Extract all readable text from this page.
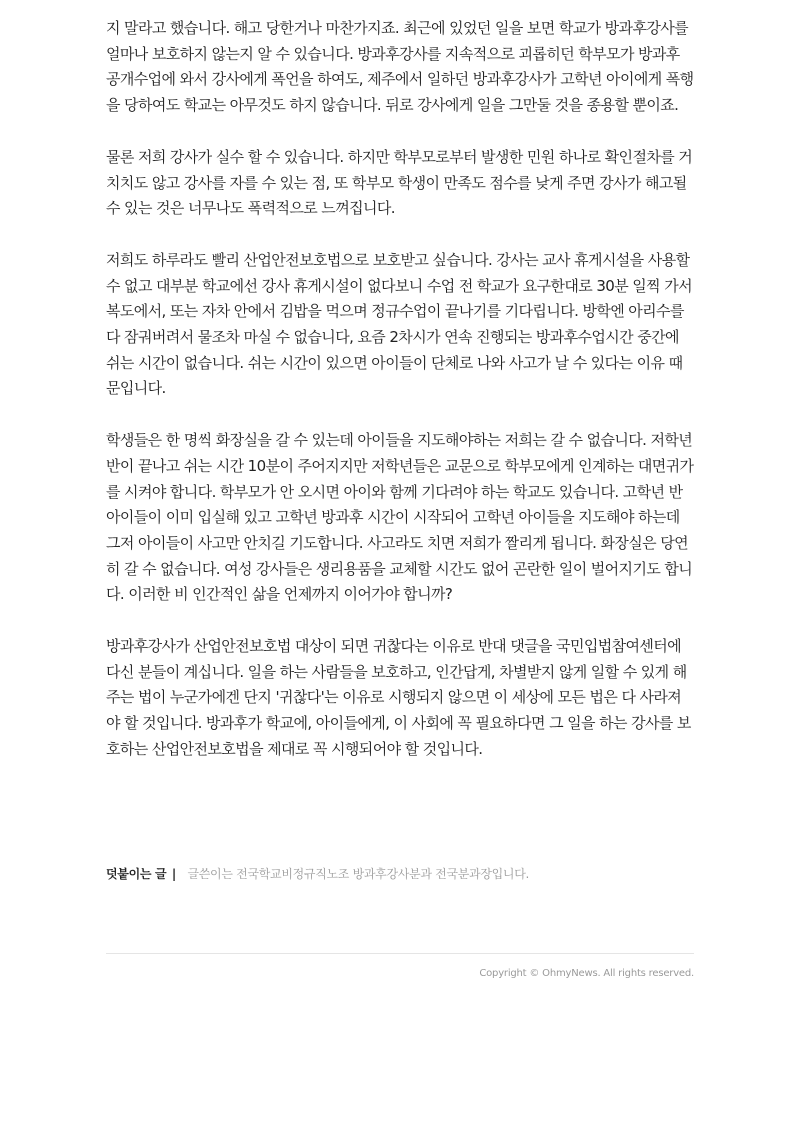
지 말라고 했습니다. 해고 당한거나 마찬가지죠. 최근에 있었던 일을 보면 학교가 방과후강사를 얼마나 보호하지 않는지 알 수 있습니다. 방과후강사를 지속적으로 괴롭히던 학부모가 방과후 공개수업에 와서 강사에게 폭언을 하여도, 제주에서 일하던 방과후강사가 고학년 아이에게 폭행을 당하여도 학교는 아무것도 하지 않습니다. 뒤로 강사에게 일을 그만둘 것을 종용할 뿐이죠.

물론 저희 강사가 실수 할 수 있습니다. 하지만 학부모로부터 발생한 민원 하나로 확인절차를 거치치도 않고 강사를 자를 수 있는 점, 또 학부모 학생이 만족도 점수를 낮게 주면 강사가 해고될 수 있는 것은 너무나도 폭력적으로 느껴집니다.

저희도 하루라도 빨리 산업안전보호법으로 보호받고 싶습니다. 강사는 교사 휴게시설을 사용할 수 없고 대부분 학교에선 강사 휴게시설이 없다보니 수업 전 학교가 요구한대로 30분 일찍 가서 복도에서, 또는 자차 안에서 김밥을 먹으며 정규수업이 끝나기를 기다립니다. 방학엔 아리수를 다 잠궈버려서 물조차 마실 수 없습니다, 요즘 2차시가 연속 진행되는 방과후수업시간 중간에 쉬는 시간이 없습니다. 쉬는 시간이 있으면 아이들이 단체로 나와 사고가 날 수 있다는 이유 때문입니다.

학생들은 한 명씩 화장실을 갈 수 있는데 아이들을 지도해야하는 저희는 갈 수 없습니다. 저학년 반이 끝나고 쉬는 시간 10분이 주어지지만 저학년들은 교문으로 학부모에게 인계하는 대면귀가를 시켜야 합니다. 학부모가 안 오시면 아이와 함께 기다려야 하는 학교도 있습니다. 고학년 반 아이들이 이미 입실해 있고 고학년 방과후 시간이 시작되어 고학년 아이들을 지도해야 하는데 그저 아이들이 사고만 안치길 기도합니다. 사고라도 치면 저희가 짤리게 됩니다. 화장실은 당연히 갈 수 없습니다. 여성 강사들은 생리용품을 교체할 시간도 없어 곤란한 일이 벌어지기도 합니다. 이러한 비 인간적인 삶을 언제까지 이어가야 합니까?

방과후강사가 산업안전보호법 대상이 되면 귀찮다는 이유로 반대 댓글을 국민입법참여센터에 다신 분들이 계십니다. 일을 하는 사람들을 보호하고, 인간답게, 차별받지 않게 일할 수 있게 해주는 법이 누군가에겐 단지 '귀찮다'는 이유로 시행되지 않으면 이 세상에 모든 법은 다 사라져야 할 것입니다. 방과후가 학교에, 아이들에게, 이 사회에 꼭 필요하다면 그 일을 하는 강사를 보호하는 산업안전보호법을 제대로 꼭 시행되어야 할 것입니다.

덧붙이는 글 | 글쓴이는 전국학교비정규직노조 방과후강사분과 전국분과장입니다.
Copyright © OhmyNews. All rights reserved.
